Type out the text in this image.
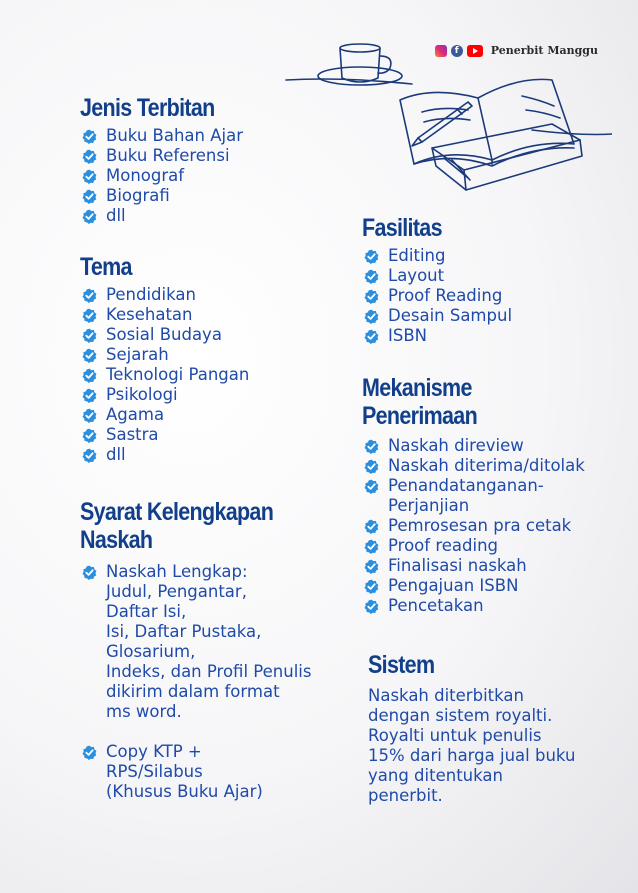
f	Penerbit Manggu
Jenis Terbitan
Buku Bahan Ajar
Buku Referensi
Monograf
Biografi
dll
Tema
Pendidikan
Kesehatan
Sosial Budaya
Sejarah
Teknologi Pangan
Psikologi
Agama
Sastra
dll
Syarat Kelengkapan
Naskah
Naskah Lengkap:
Judul, Pengantar,
Daftar Isi,
Isi, Daftar Pustaka,
Glosarium,
Indeks, dan Profil Penulis
dikirim dalam format
ms word.
Copy KTP +
RPS/Silabus
(Khusus Buku Ajar)
Fasilitas
Editing
Layout
Proof Reading
Desain Sampul
ISBN
Mekanisme
Penerimaan
Naskah direview
Naskah diterima/ditolak
Penandatanganan-
Perjanjian
Pemrosesan pra cetak
Proof reading
Finalisasi naskah
Pengajuan ISBN
Pencetakan
Sistem
Naskah diterbitkan
dengan sistem royalti.
Royalti untuk penulis
15% dari harga jual buku
yang ditentukan
penerbit.
